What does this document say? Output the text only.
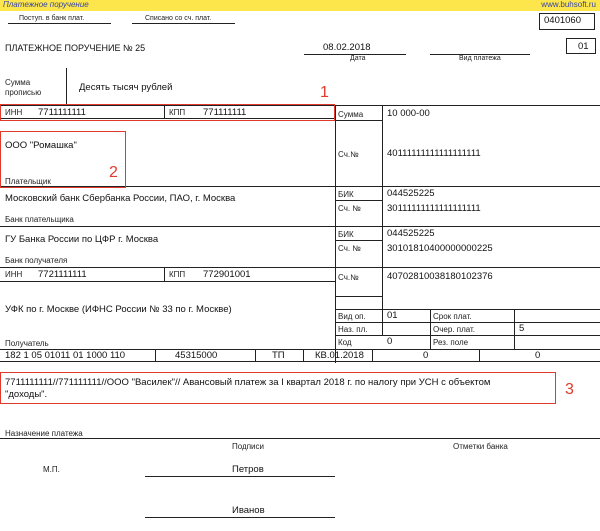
Платежное поручение	www.buhsoft.ru
Поступ. в банк плат.	Списано со сч. плат.	0401060
ПЛАТЕЖНОЕ ПОРУЧЕНИЕ № 25	08.02.2018
Дата	Вид платежа
01
Сумма
прописью	Десять тысяч рублей
ИНН 7711111111	КПП 771111111	Сумма	10 000-00
ООО "Ромашка"
Плательщик
Сч.№	40111111111111111111
Московский банк Сбербанка России, ПАО, г. Москва
Банк плательщика
БИК	044525225
Сч. №	30111111111111111111
ГУ Банка России по ЦФР г. Москва
Банк получателя
БИК	044525225
Сч. №	30101810400000000225
ИНН 7721111111	КПП 772901001	Сч.№	40702810038180102376
УФК по г. Москве (ИФНС России № 33 по г. Москве)
Получатель
Вид оп. 01	Срок плат.
Наз. пл.	Очер. плат.	5
Код	0	Рез. поле
182 1 05 01011 01 1000 110	45315000	ТП	КВ.01.2018	0	0
7711111111//771111111//ООО "Василек"// Авансовый платеж за I квартал 2018 г. по налогу при УСН с объектом
"доходы".
Назначение платежа
Подписи	Отметки банка
М.П.	Петров
Иванов
1
2
3
